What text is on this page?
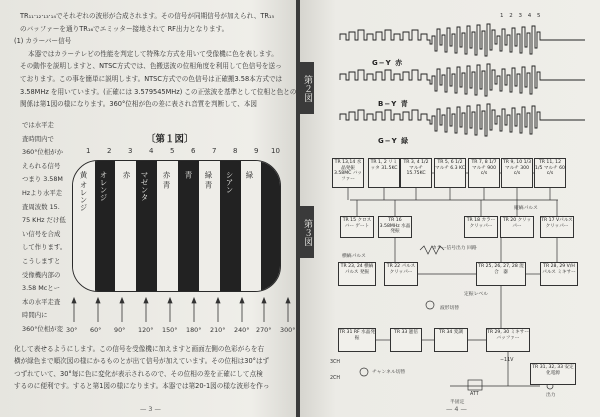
TR₁₁·₁₂·₁₃·₁₄でそれぞれの波形が合成されます。その信号が同期信号が加えられ、TR₁₅
のバッファーを通りTR₁₆でエミッター接地されて RF出力となります。
(1) カラーバー信号
本器ではカラーテレビの性能を判定して特殊な方式を用いて受像機に色を表します。
その動作を説明しますと、NTSC方式では、色搬送波の位相角度を利用して色信号を送っ
ております。この事を簡単に説明します。NTSC方式での色信号は正確搬3.58本方式では
3.58MHz を用いています。(正確には 3.579545MHz) この正弦波を基準として位相と色との
関係は第1図の様になります。360°位相が色の差に表され音質を判断して、本図
では水平走
査時間内で
360°位相がか
えられる信号
つまり 3.58M
Hzより水平走
査周波数 15.
75 KHz だけ低
い信号を合成
して作ります。
こうしますと
受像機内部の
3.58 Mcとー
本の水平走査
時間内に
360°位相が変
〔第１図〕
1 2 3 4 5 6 7 8 9 10
黄 オレンジ オレンジ 赤 マゼンタ 赤 青 青 緑 青 シアン 緑
30° 60° 90° 120° 150° 180° 210° 240° 270° 300°
化して表せるようにします。この信号を受像機に加えますと画面左側の色彩がらを右
横が緑色まで順次図の様にかるものとが出て信号が加えています。その位相は30°はず
つずれていて、30°毎に色に変化が表示されるので、その位相の差を正確にして点検
するのに便利です。すると第1図の様になります。本器では第20-1図の様な波形を作っ
— 3 —
第２図
第３図
G−Y 赤
B−Y 青
G−Y 緑
1 2 3 4 5
TR 13,14 水晶発振 3.58MC バッファー
TR 1, 2 リミッタ 31.5KC
TR 3, 4 1/2 マルチ 15.75KC
TR 5, 6 1/2 マルチ 6.3 KC
TR 7, 8 1/7 マルチ 900 c/s
TR 9, 10 1/3 マルチ 300 c/s
TR 11, 12 1/5 マルチ 60 c/s
TR 15 クロスバー ゲート
TR 16 3.58MHz 水晶発振
TR 18 カラー クリッパー
TR 20 クリッパー
TR 17 Vパルス クリッパー
TR 23, 24 横縞パルス 発振
TR 22 パルス クリッパー
TR 25, 26, 27, 28 混　合　器
TR 28, 29 V/Hパルス ミキサー
TR 31 RF 水晶発振
TR 33 逓倍	TR 34 変調	TR 29, 30 ミキサー バッファー
横縞パルス
カラー信号出力 回路
縦縞パルス
定振レベル
波形切替
3CH
2CH
チャンネル切替
ATT	出力
半固定
−11V
TR 31, 32, 33 安定化電源
— 4 —
